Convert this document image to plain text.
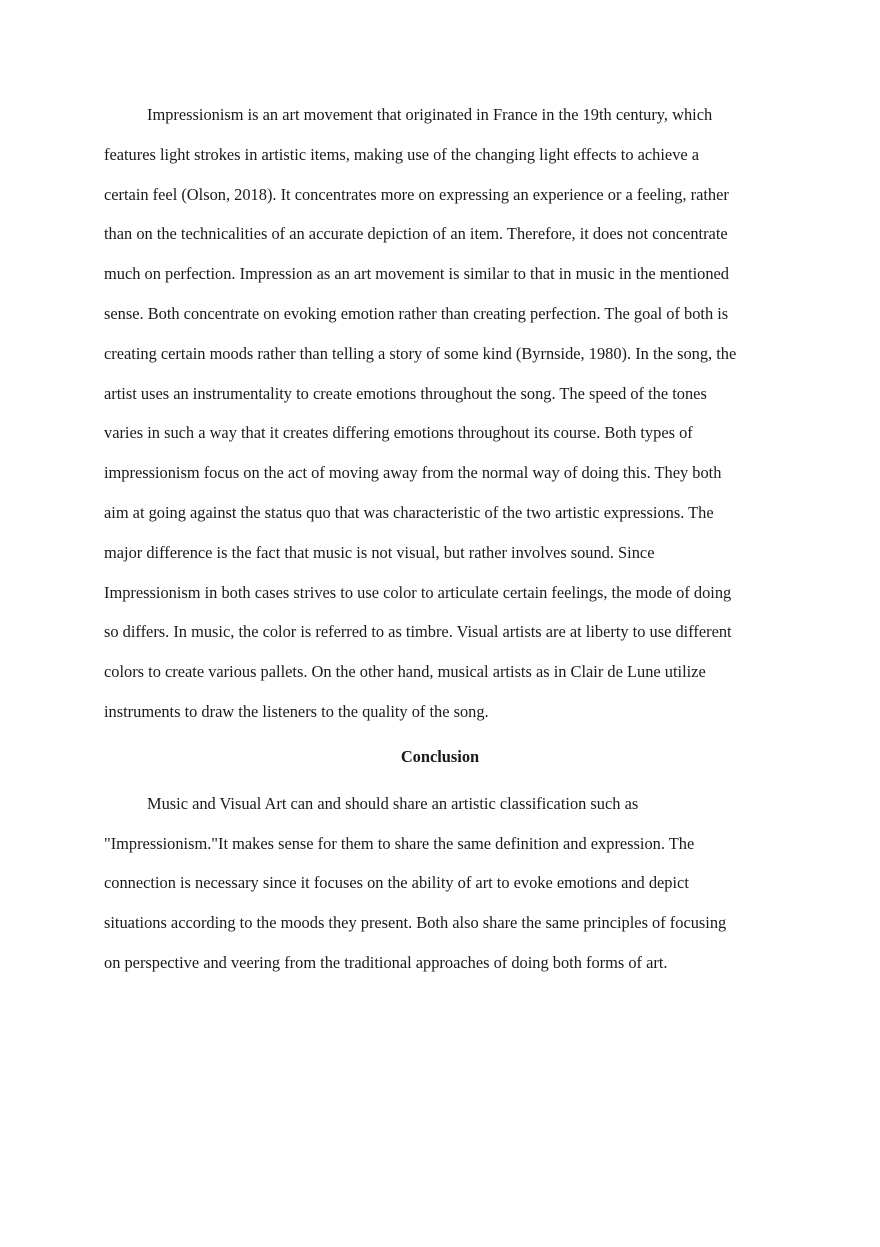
Impressionism is an art movement that originated in France in the 19th century, which
features light strokes in artistic items, making use of the changing light effects to achieve a
certain feel (Olson, 2018). It concentrates more on expressing an experience or a feeling, rather
than on the technicalities of an accurate depiction of an item. Therefore, it does not concentrate
much on perfection. Impression as an art movement is similar to that in music in the mentioned
sense. Both concentrate on evoking emotion rather than creating perfection. The goal of both is
creating certain moods rather than telling a story of some kind (Byrnside, 1980). In the song, the
artist uses an instrumentality to create emotions throughout the song. The speed of the tones
varies in such a way that it creates differing emotions throughout its course. Both types of
impressionism focus on the act of moving away from the normal way of doing this. They both
aim at going against the status quo that was characteristic of the two artistic expressions. The
major difference is the fact that music is not visual, but rather involves sound. Since
Impressionism in both cases strives to use color to articulate certain feelings, the mode of doing
so differs. In music, the color is referred to as timbre. Visual artists are at liberty to use different
colors to create various pallets. On the other hand, musical artists as in Clair de Lune utilize
instruments to draw the listeners to the quality of the song.
Conclusion
Music and Visual Art can and should share an artistic classification such as
"Impressionism."It makes sense for them to share the same definition and expression. The
connection is necessary since it focuses on the ability of art to evoke emotions and depict
situations according to the moods they present. Both also share the same principles of focusing
on perspective and veering from the traditional approaches of doing both forms of art.
